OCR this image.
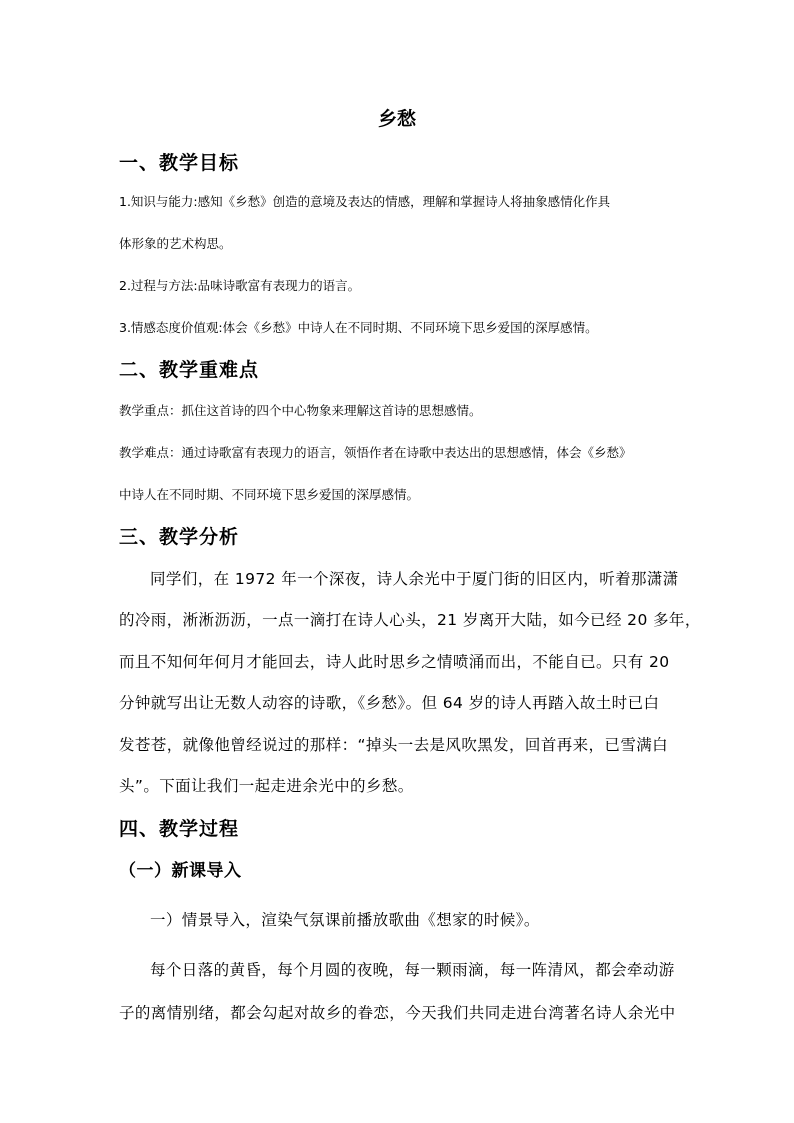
乡愁
一、教学目标
1.知识与能力:感知《乡愁》创造的意境及表达的情感，理解和掌握诗人将抽象感情化作具
体形象的艺术构思。
2.过程与方法:品味诗歌富有表现力的语言。
3.情感态度价值观:体会《乡愁》中诗人在不同时期、不同环境下思乡爱国的深厚感情。
二、教学重难点
教学重点：抓住这首诗的四个中心物象来理解这首诗的思想感情。
教学难点：通过诗歌富有表现力的语言，领悟作者在诗歌中表达出的思想感情，体会《乡愁》
中诗人在不同时期、不同环境下思乡爱国的深厚感情。
三、教学分析
同学们，在 1972 年一个深夜，诗人余光中于厦门街的旧区内，听着那潇潇
的冷雨，淅淅沥沥，一点一滴打在诗人心头，21 岁离开大陆，如今已经 20 多年，
而且不知何年何月才能回去，诗人此时思乡之情喷涌而出，不能自已。只有 20
分钟就写出让无数人动容的诗歌，《乡愁》。但 64 岁的诗人再踏入故土时已白
发苍苍，就像他曾经说过的那样：“掉头一去是风吹黑发，回首再来，已雪满白
头”。下面让我们一起走进余光中的乡愁。
四、教学过程
（一）新课导入
一）情景导入，渲染气氛课前播放歌曲《想家的时候》。
每个日落的黄昏，每个月圆的夜晚，每一颗雨滴，每一阵清风，都会牵动游
子的离情别绪，都会勾起对故乡的眷恋，今天我们共同走进台湾著名诗人余光中
